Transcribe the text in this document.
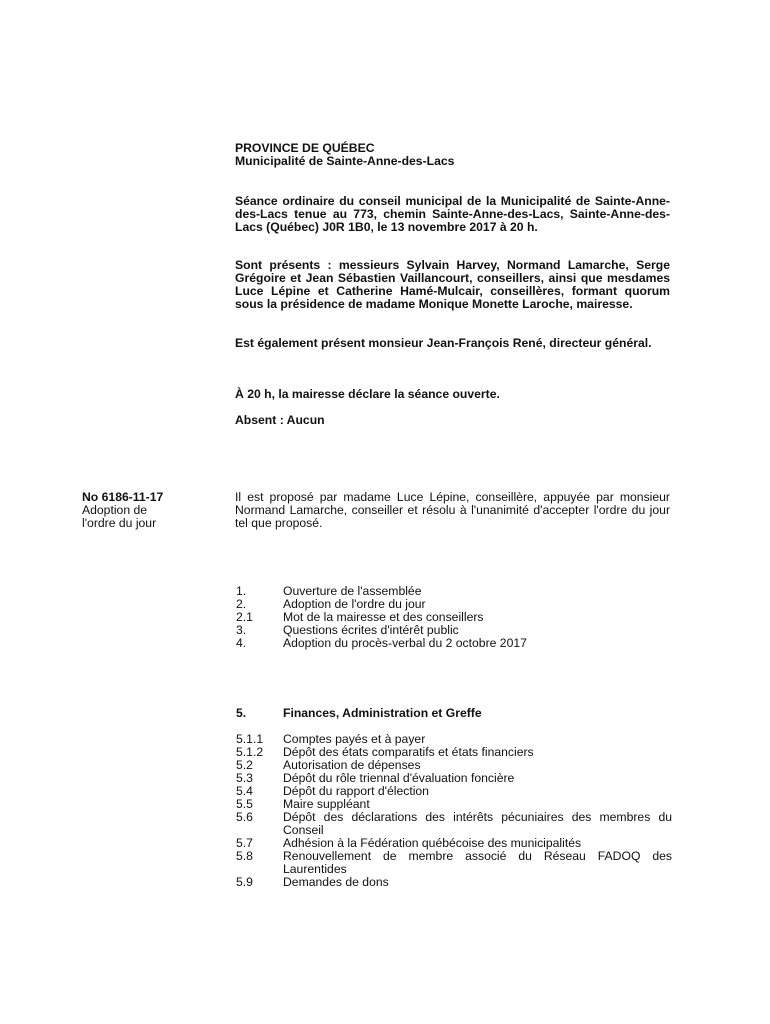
PROVINCE DE QUÉBEC
Municipalité de Sainte-Anne-des-Lacs

Séance ordinaire du conseil municipal de la Municipalité de Sainte-Anne-des-Lacs tenue au 773, chemin Sainte-Anne-des-Lacs, Sainte-Anne-des-Lacs (Québec) J0R 1B0, le 13 novembre 2017 à 20 h.

Sont présents : messieurs Sylvain Harvey, Normand Lamarche, Serge Grégoire et Jean Sébastien Vaillancourt, conseillers, ainsi que mesdames Luce Lépine et Catherine Hamé-Mulcair, conseillères, formant quorum sous la présidence de madame Monique Monette Laroche, mairesse.

Est également présent monsieur Jean-François René, directeur général.

À 20 h, la mairesse déclare la séance ouverte.

Absent : Aucun

No 6186-11-17
Adoption de
l'ordre du jour

Il est proposé par madame Luce Lépine, conseillère, appuyée par monsieur Normand Lamarche, conseiller et résolu à l'unanimité d'accepter l'ordre du jour tel que proposé.

1.	Ouverture de l'assemblée
2.	Adoption de l'ordre du jour
2.1	Mot de la mairesse et des conseillers
3.	Questions écrites d'intérêt public
4.	Adoption du procès-verbal du 2 octobre 2017
5.	Finances, Administration et Greffe
5.1.1	Comptes payés et à payer
5.1.2	Dépôt des états comparatifs et états financiers
5.2	Autorisation de dépenses
5.3	Dépôt du rôle triennal d'évaluation foncière
5.4	Dépôt du rapport d'élection
5.5	Maire suppléant
5.6	Dépôt des déclarations des intérêts pécuniaires des membres du Conseil
5.7	Adhésion à la Fédération québécoise des municipalités
5.8	Renouvellement de membre associé du Réseau FADOQ des Laurentides
5.9	Demandes de dons
